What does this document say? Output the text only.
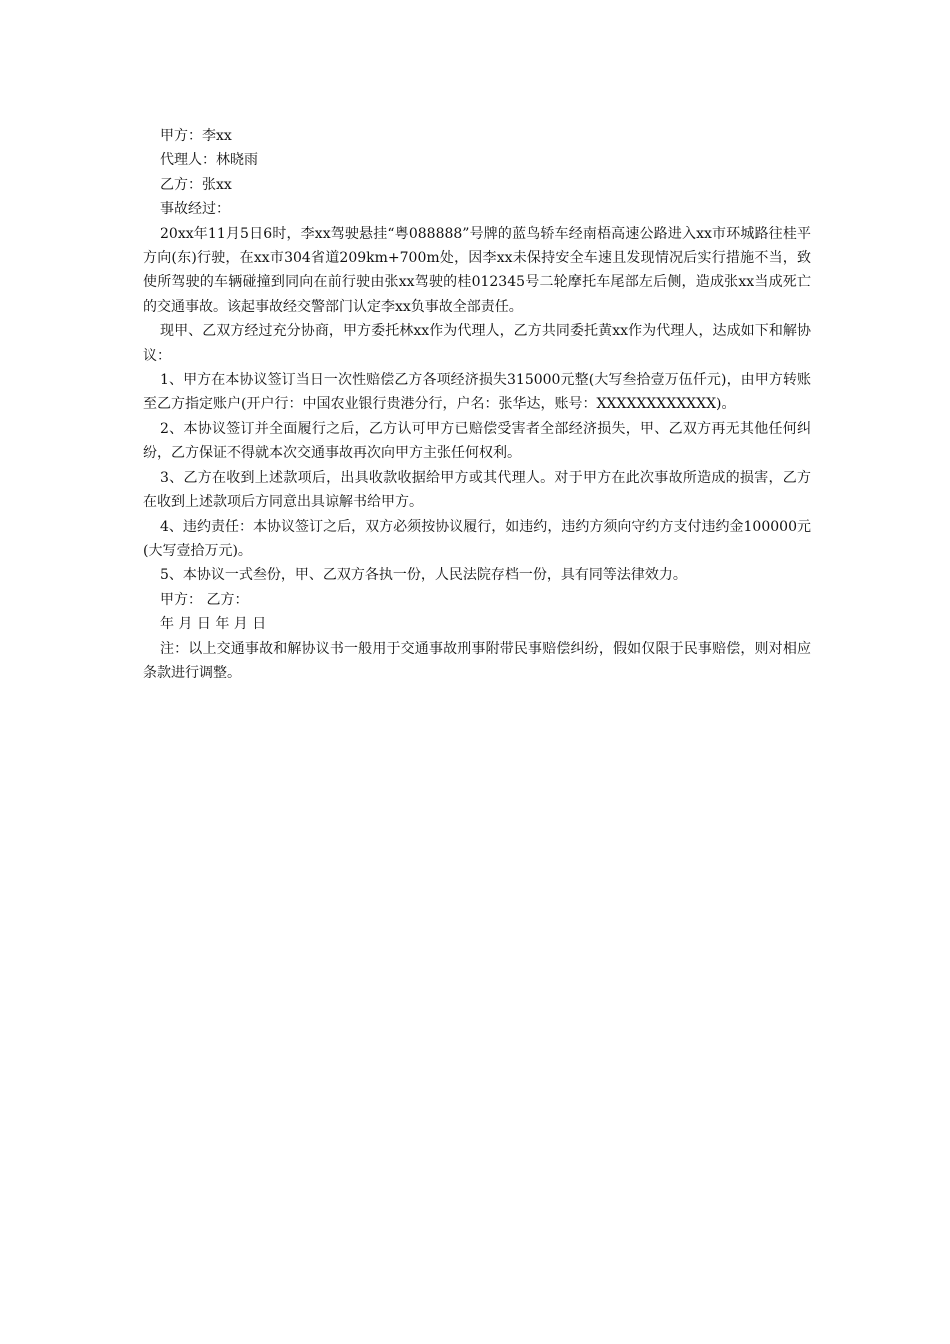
甲方：李xx

代理人：林晓雨

乙方：张xx

事故经过：

20xx年11月5日6时，李xx驾驶悬挂“粤088888”号牌的蓝鸟轿车经南梧高速公路进入xx市环城路往桂平方向(东)行驶，在xx市304省道209km+700m处，因李xx未保持安全车速且发现情况后实行措施不当，致使所驾驶的车辆碰撞到同向在前行驶由张xx驾驶的桂012345号二轮摩托车尾部左后侧，造成张xx当成死亡的交通事故。该起事故经交警部门认定李xx负事故全部责任。

现甲、乙双方经过充分协商，甲方委托林xx作为代理人，乙方共同委托黄xx作为代理人，达成如下和解协议：

1、甲方在本协议签订当日一次性赔偿乙方各项经济损失315000元整(大写叁拾壹万伍仟元)，由甲方转账至乙方指定账户(开户行：中国农业银行贵港分行，户名：张华达，账号：XXXXXXXXXXXX)。

2、本协议签订并全面履行之后，乙方认可甲方已赔偿受害者全部经济损失，甲、乙双方再无其他任何纠纷，乙方保证不得就本次交通事故再次向甲方主张任何权利。

3、乙方在收到上述款项后，出具收款收据给甲方或其代理人。对于甲方在此次事故所造成的损害，乙方在收到上述款项后方同意出具谅解书给甲方。

4、违约责任：本协议签订之后，双方必须按协议履行，如违约，违约方须向守约方支付违约金100000元(大写壹拾万元)。

5、本协议一式叁份，甲、乙双方各执一份，人民法院存档一份，具有同等法律效力。

甲方： 乙方：

年 月 日 年 月 日

注：以上交通事故和解协议书一般用于交通事故刑事附带民事赔偿纠纷，假如仅限于民事赔偿，则对相应条款进行调整。
